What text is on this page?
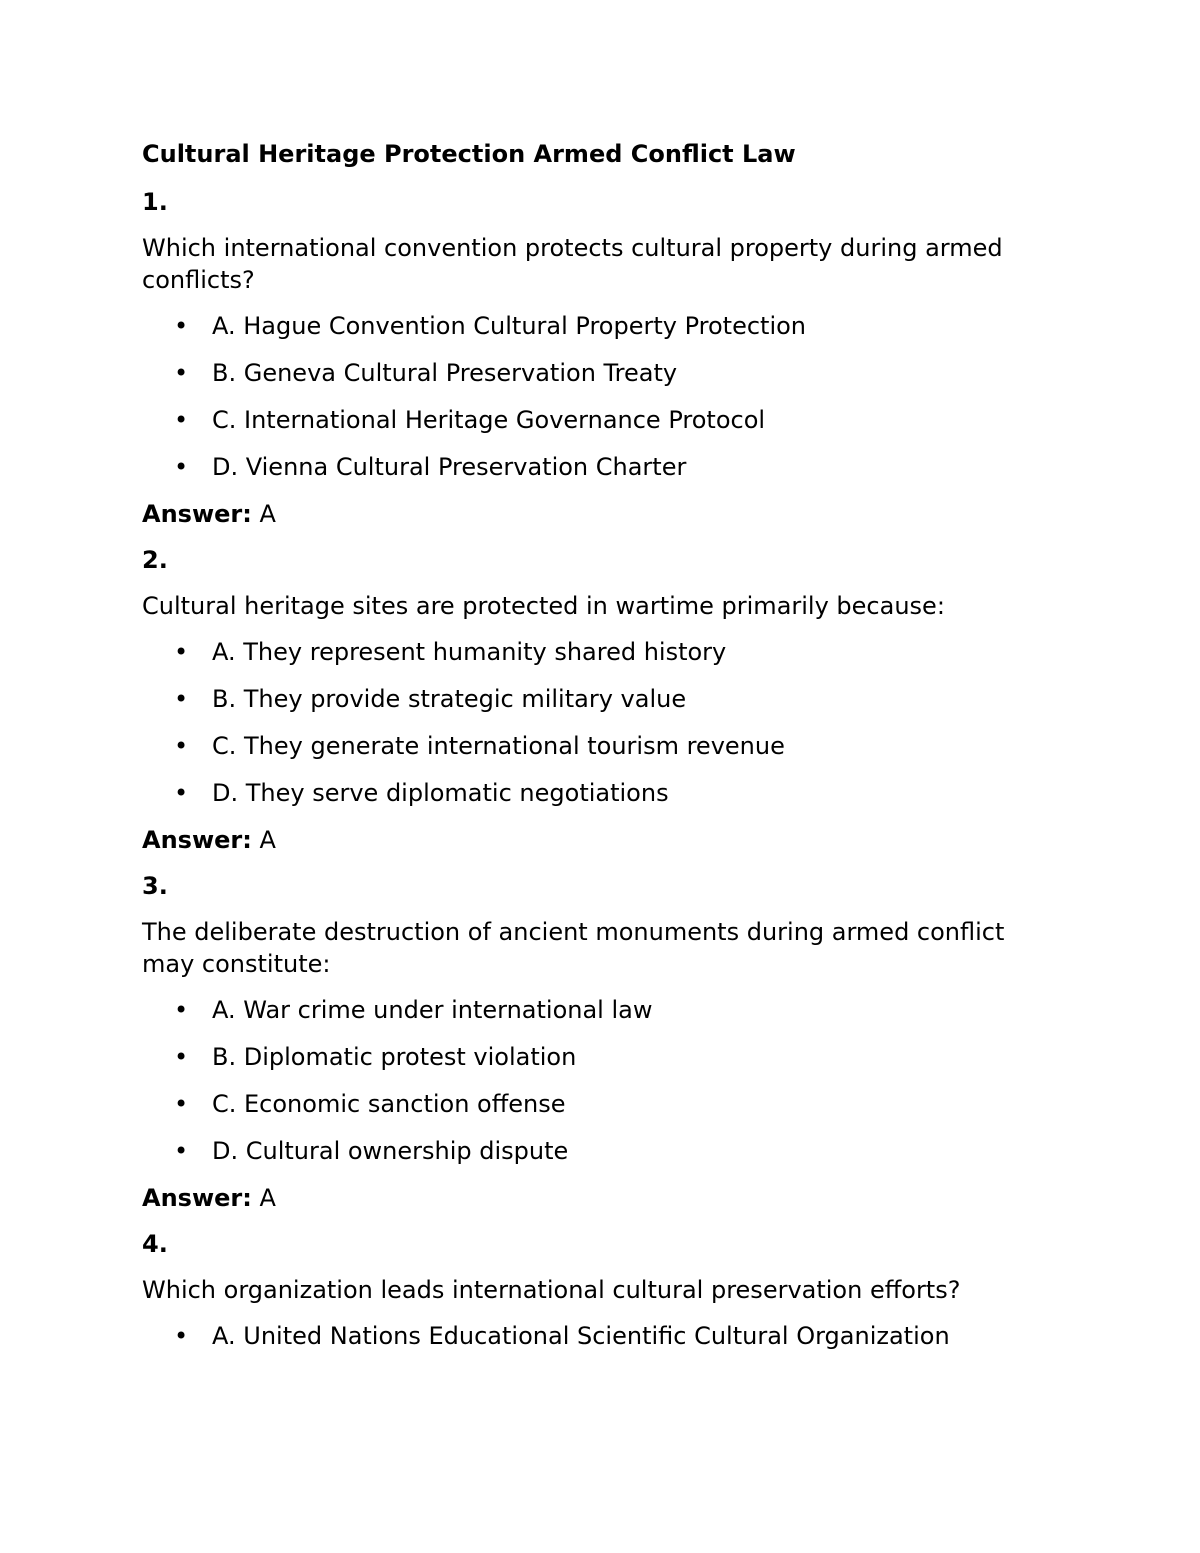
Cultural Heritage Protection Armed Conflict Law
1.
Which international convention protects cultural property during armed conflicts?
• A. Hague Convention Cultural Property Protection
• B. Geneva Cultural Preservation Treaty
• C. International Heritage Governance Protocol
• D. Vienna Cultural Preservation Charter
Answer: A
2.
Cultural heritage sites are protected in wartime primarily because:
• A. They represent humanity shared history
• B. They provide strategic military value
• C. They generate international tourism revenue
• D. They serve diplomatic negotiations
Answer: A
3.
The deliberate destruction of ancient monuments during armed conflict may constitute:
• A. War crime under international law
• B. Diplomatic protest violation
• C. Economic sanction offense
• D. Cultural ownership dispute
Answer: A
4.
Which organization leads international cultural preservation efforts?
• A. United Nations Educational Scientific Cultural Organization
